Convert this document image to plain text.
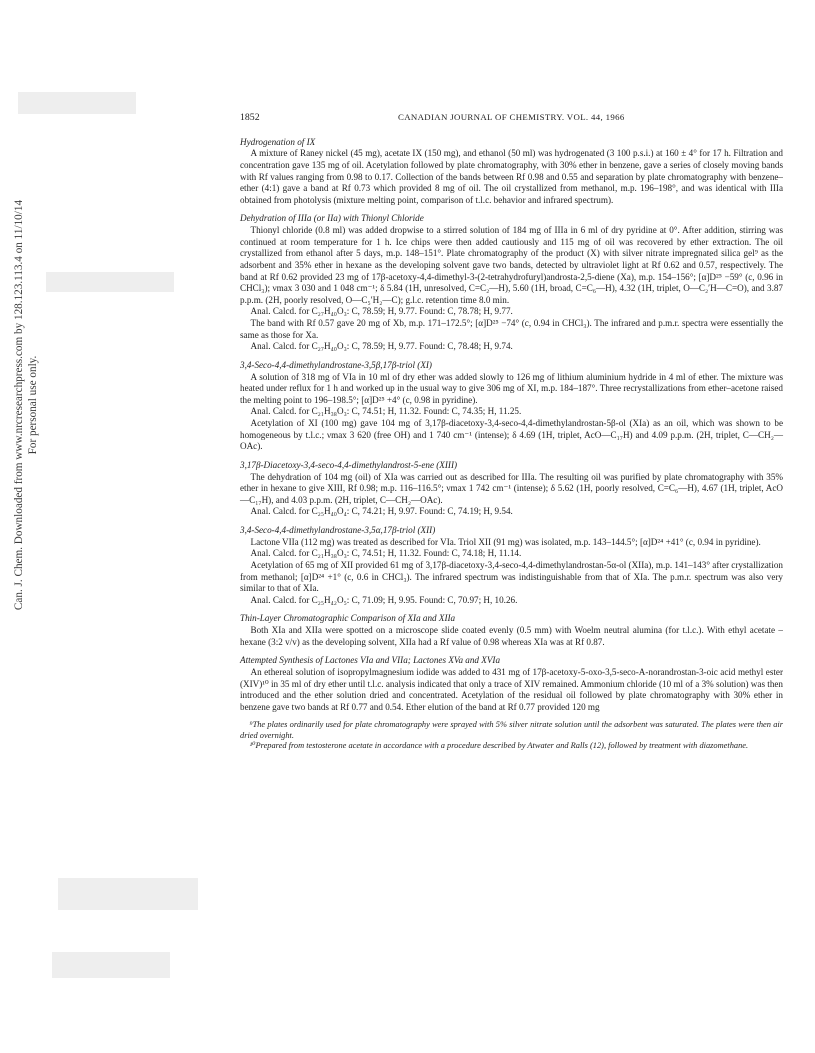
Can. J. Chem. Downloaded from www.nrcresearchpress.com by 128.123.113.4 on 11/10/14 For personal use only.
1852	CANADIAN JOURNAL OF CHEMISTRY. VOL. 44, 1966

Hydrogenation of IX

A mixture of Raney nickel (45 mg), acetate IX (150 mg), and ethanol (50 ml) was hydrogenated (3 100 p.s.i.) at 160 ± 4° for 17 h. Filtration and concentration gave 135 mg of oil. Acetylation followed by plate chromatography, with 30% ether in benzene, gave a series of closely moving bands with Rf values ranging from 0.98 to 0.17. Collection of the bands between Rf 0.98 and 0.55 and separation by plate chromatography with benzene–ether (4:1) gave a band at Rf 0.73 which provided 8 mg of oil. The oil crystallized from methanol, m.p. 196–198°, and was identical with IIIa obtained from photolysis (mixture melting point, comparison of t.l.c. behavior and infrared spectrum).

Dehydration of IIIa (or IIa) with Thionyl Chloride

Thionyl chloride (0.8 ml) was added dropwise to a stirred solution of 184 mg of IIIa in 6 ml of dry pyridine at 0°. After addition, stirring was continued at room temperature for 1 h. Ice chips were then added cautiously and 115 mg of oil was recovered by ether extraction. The oil crystallized from ethanol after 5 days, m.p. 148–151°. Plate chromatography of the product (X) with silver nitrate impregnated silica gel⁹ as the adsorbent and 35% ether in hexane as the developing solvent gave two bands, detected by ultraviolet light at Rf 0.62 and 0.57, respectively. The band at Rf 0.62 provided 23 mg of 17β-acetoxy-4,4-dimethyl-3-(2-tetrahydrofuryl)androsta-2,5-diene (Xa), m.p. 154–156°; [α]D²⁵ −59° (c, 0.96 in CHCl₃); νmax 3 030 and 1 048 cm⁻¹; δ 5.84 (1H, unresolved, C=C₂—H), 5.60 (1H, broad, C=C₆—H), 4.32 (1H, triplet, O—C₂′H—C=O), and 3.87 p.p.m. (2H, poorly resolved, O—C₅′H₂—C); g.l.c. retention time 8.0 min.

Anal. Calcd. for C₂₇H₄₀O₃: C, 78.59; H, 9.77. Found: C, 78.78; H, 9.77.

The band with Rf 0.57 gave 20 mg of Xb, m.p. 171–172.5°; [α]D²⁵ −74° (c, 0.94 in CHCl₃). The infrared and p.m.r. spectra were essentially the same as those for Xa.

Anal. Calcd. for C₂₇H₄₀O₃: C, 78.59; H, 9.77. Found: C, 78.48; H, 9.74.

3,4-Seco-4,4-dimethylandrostane-3,5β,17β-triol (XI)

A solution of 318 mg of VIa in 10 ml of dry ether was added slowly to 126 mg of lithium aluminium hydride in 4 ml of ether. The mixture was heated under reflux for 1 h and worked up in the usual way to give 306 mg of XI, m.p. 184–187°. Three recrystallizations from ether–acetone raised the melting point to 196–198.5°; [α]D²⁵ +4° (c, 0.98 in pyridine).

Anal. Calcd. for C₂₁H₃₈O₃: C, 74.51; H, 11.32. Found: C, 74.35; H, 11.25.

Acetylation of XI (100 mg) gave 104 mg of 3,17β-diacetoxy-3,4-seco-4,4-dimethylandrostan-5β-ol (XIa) as an oil, which was shown to be homogeneous by t.l.c.; νmax 3 620 (free OH) and 1 740 cm⁻¹ (intense); δ 4.69 (1H, triplet, AcO—C₁₇H) and 4.09 p.p.m. (2H, triplet, C—CH₂—OAc).

3,17β-Diacetoxy-3,4-seco-4,4-dimethylandrost-5-ene (XIII)

The dehydration of 104 mg (oil) of XIa was carried out as described for IIIa. The resulting oil was purified by plate chromatography with 35% ether in hexane to give XIII, Rf 0.98; m.p. 116–116.5°; νmax 1 742 cm⁻¹ (intense); δ 5.62 (1H, poorly resolved, C=C₆—H), 4.67 (1H, triplet, AcO—C₁₇H), and 4.03 p.p.m. (2H, triplet, C—CH₂—OAc).

Anal. Calcd. for C₂₅H₄₀O₄: C, 74.21; H, 9.97. Found: C, 74.19; H, 9.54.

3,4-Seco-4,4-dimethylandrostane-3,5α,17β-triol (XII)

Lactone VIIa (112 mg) was treated as described for VIa. Triol XII (91 mg) was isolated, m.p. 143–144.5°; [α]D²⁴ +41° (c, 0.94 in pyridine).

Anal. Calcd. for C₂₁H₃₈O₃: C, 74.51; H, 11.32. Found: C, 74.18; H, 11.14.

Acetylation of 65 mg of XII provided 61 mg of 3,17β-diacetoxy-3,4-seco-4,4-dimethylandrostan-5α-ol (XIIa), m.p. 141–143° after crystallization from methanol; [α]D²⁴ +1° (c, 0.6 in CHCl₃). The infrared spectrum was indistinguishable from that of XIa. The p.m.r. spectrum was also very similar to that of XIa.

Anal. Calcd. for C₂₅H₄₂O₅: C, 71.09; H, 9.95. Found: C, 70.97; H, 10.26.

Thin-Layer Chromatographic Comparison of XIa and XIIa

Both XIa and XIIa were spotted on a microscope slide coated evenly (0.5 mm) with Woelm neutral alumina (for t.l.c.). With ethyl acetate – hexane (3:2 v/v) as the developing solvent, XIIa had a Rf value of 0.98 whereas XIa was at Rf 0.87.

Attempted Synthesis of Lactones VIa and VIIa; Lactones XVa and XVIa

An ethereal solution of isopropylmagnesium iodide was added to 431 mg of 17β-acetoxy-5-oxo-3,5-seco-A-norandrostan-3-oic acid methyl ester (XIV)¹⁰ in 35 ml of dry ether until t.l.c. analysis indicated that only a trace of XIV remained. Ammonium chloride (10 ml of a 3% solution) was then introduced and the ether solution dried and concentrated. Acetylation of the residual oil followed by plate chromatography with 30% ether in benzene gave two bands at Rf 0.77 and 0.54. Ether elution of the band at Rf 0.77 provided 120 mg

⁹The plates ordinarily used for plate chromatography were sprayed with 5% silver nitrate solution until the adsorbent was saturated. The plates were then air dried overnight.

¹⁰Prepared from testosterone acetate in accordance with a procedure described by Atwater and Ralls (12), followed by treatment with diazomethane.
